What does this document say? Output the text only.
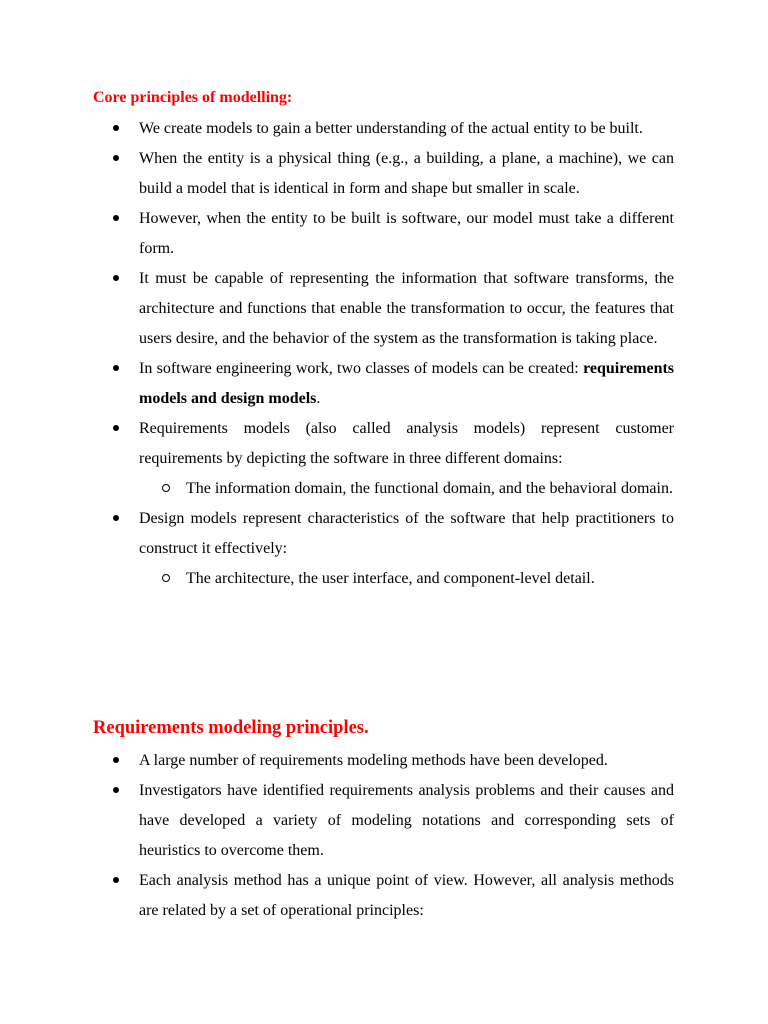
Core principles of modelling:
We create models to gain a better understanding of the actual entity to be built.
When the entity is a physical thing (e.g., a building, a plane, a machine), we can build a model that is identical in form and shape but smaller in scale.
However, when the entity to be built is software, our model must take a different form.
It must be capable of representing the information that software transforms, the architecture and functions that enable the transformation to occur, the features that users desire, and the behavior of the system as the transformation is taking place.
In software engineering work, two classes of models can be created: requirements models and design models.
Requirements models (also called analysis models) represent customer requirements by depicting the software in three different domains:
The information domain, the functional domain, and the behavioral domain.
Design models represent characteristics of the software that help practitioners to construct it effectively:
The architecture, the user interface, and component-level detail.
Requirements modeling principles.
A large number of requirements modeling methods have been developed.
Investigators have identified requirements analysis problems and their causes and have developed a variety of modeling notations and corresponding sets of heuristics to overcome them.
Each analysis method has a unique point of view. However, all analysis methods are related by a set of operational principles:
